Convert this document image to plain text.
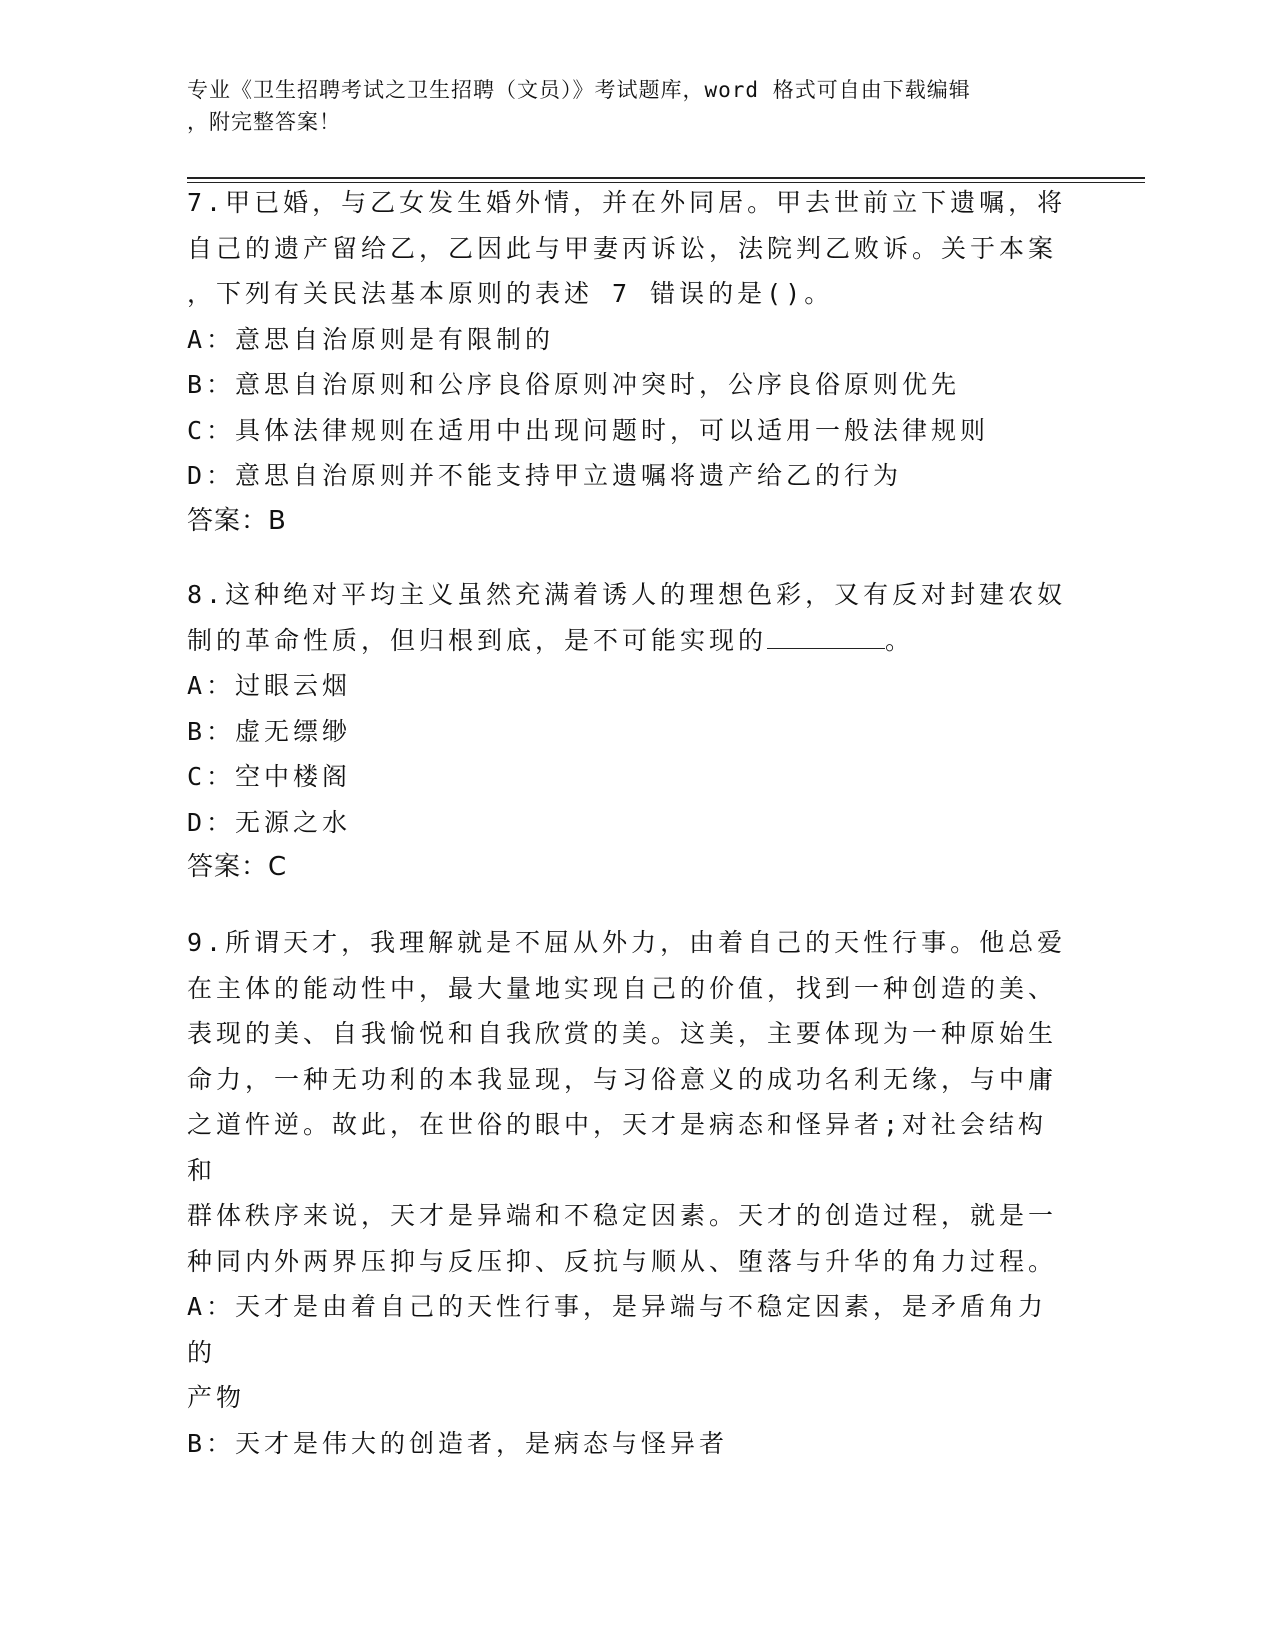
专业《卫生招聘考试之卫生招聘（文员）》考试题库，word 格式可自由下载编辑
，附完整答案！

7.甲已婚，与乙女发生婚外情，并在外同居。甲去世前立下遗嘱，将

自己的遗产留给乙，乙因此与甲妻丙诉讼，法院判乙败诉。关于本案

，下列有关民法基本原则的表述 7 错误的是()。

A：意思自治原则是有限制的

B：意思自治原则和公序良俗原则冲突时，公序良俗原则优先

C：具体法律规则在适用中出现问题时，可以适用一般法律规则

D：意思自治原则并不能支持甲立遗嘱将遗产给乙的行为

答案：B

8.这种绝对平均主义虽然充满着诱人的理想色彩，又有反对封建农奴

制的革命性质，但归根到底，是不可能实现的	。

A：过眼云烟

B：虚无缥缈

C：空中楼阁

D：无源之水

答案：C

9.所谓天才，我理解就是不屈从外力，由着自己的天性行事。他总爱

在主体的能动性中，最大量地实现自己的价值，找到一种创造的美、

表现的美、自我愉悦和自我欣赏的美。这美，主要体现为一种原始生

命力，一种无功利的本我显现，与习俗意义的成功名利无缘，与中庸

之道忤逆。故此，在世俗的眼中，天才是病态和怪异者;对社会结构和

群体秩序来说，天才是异端和不稳定因素。天才的创造过程，就是一

种同内外两界压抑与反压抑、反抗与顺从、堕落与升华的角力过程。

A：天才是由着自己的天性行事，是异端与不稳定因素，是矛盾角力的

产物

B：天才是伟大的创造者，是病态与怪异者
